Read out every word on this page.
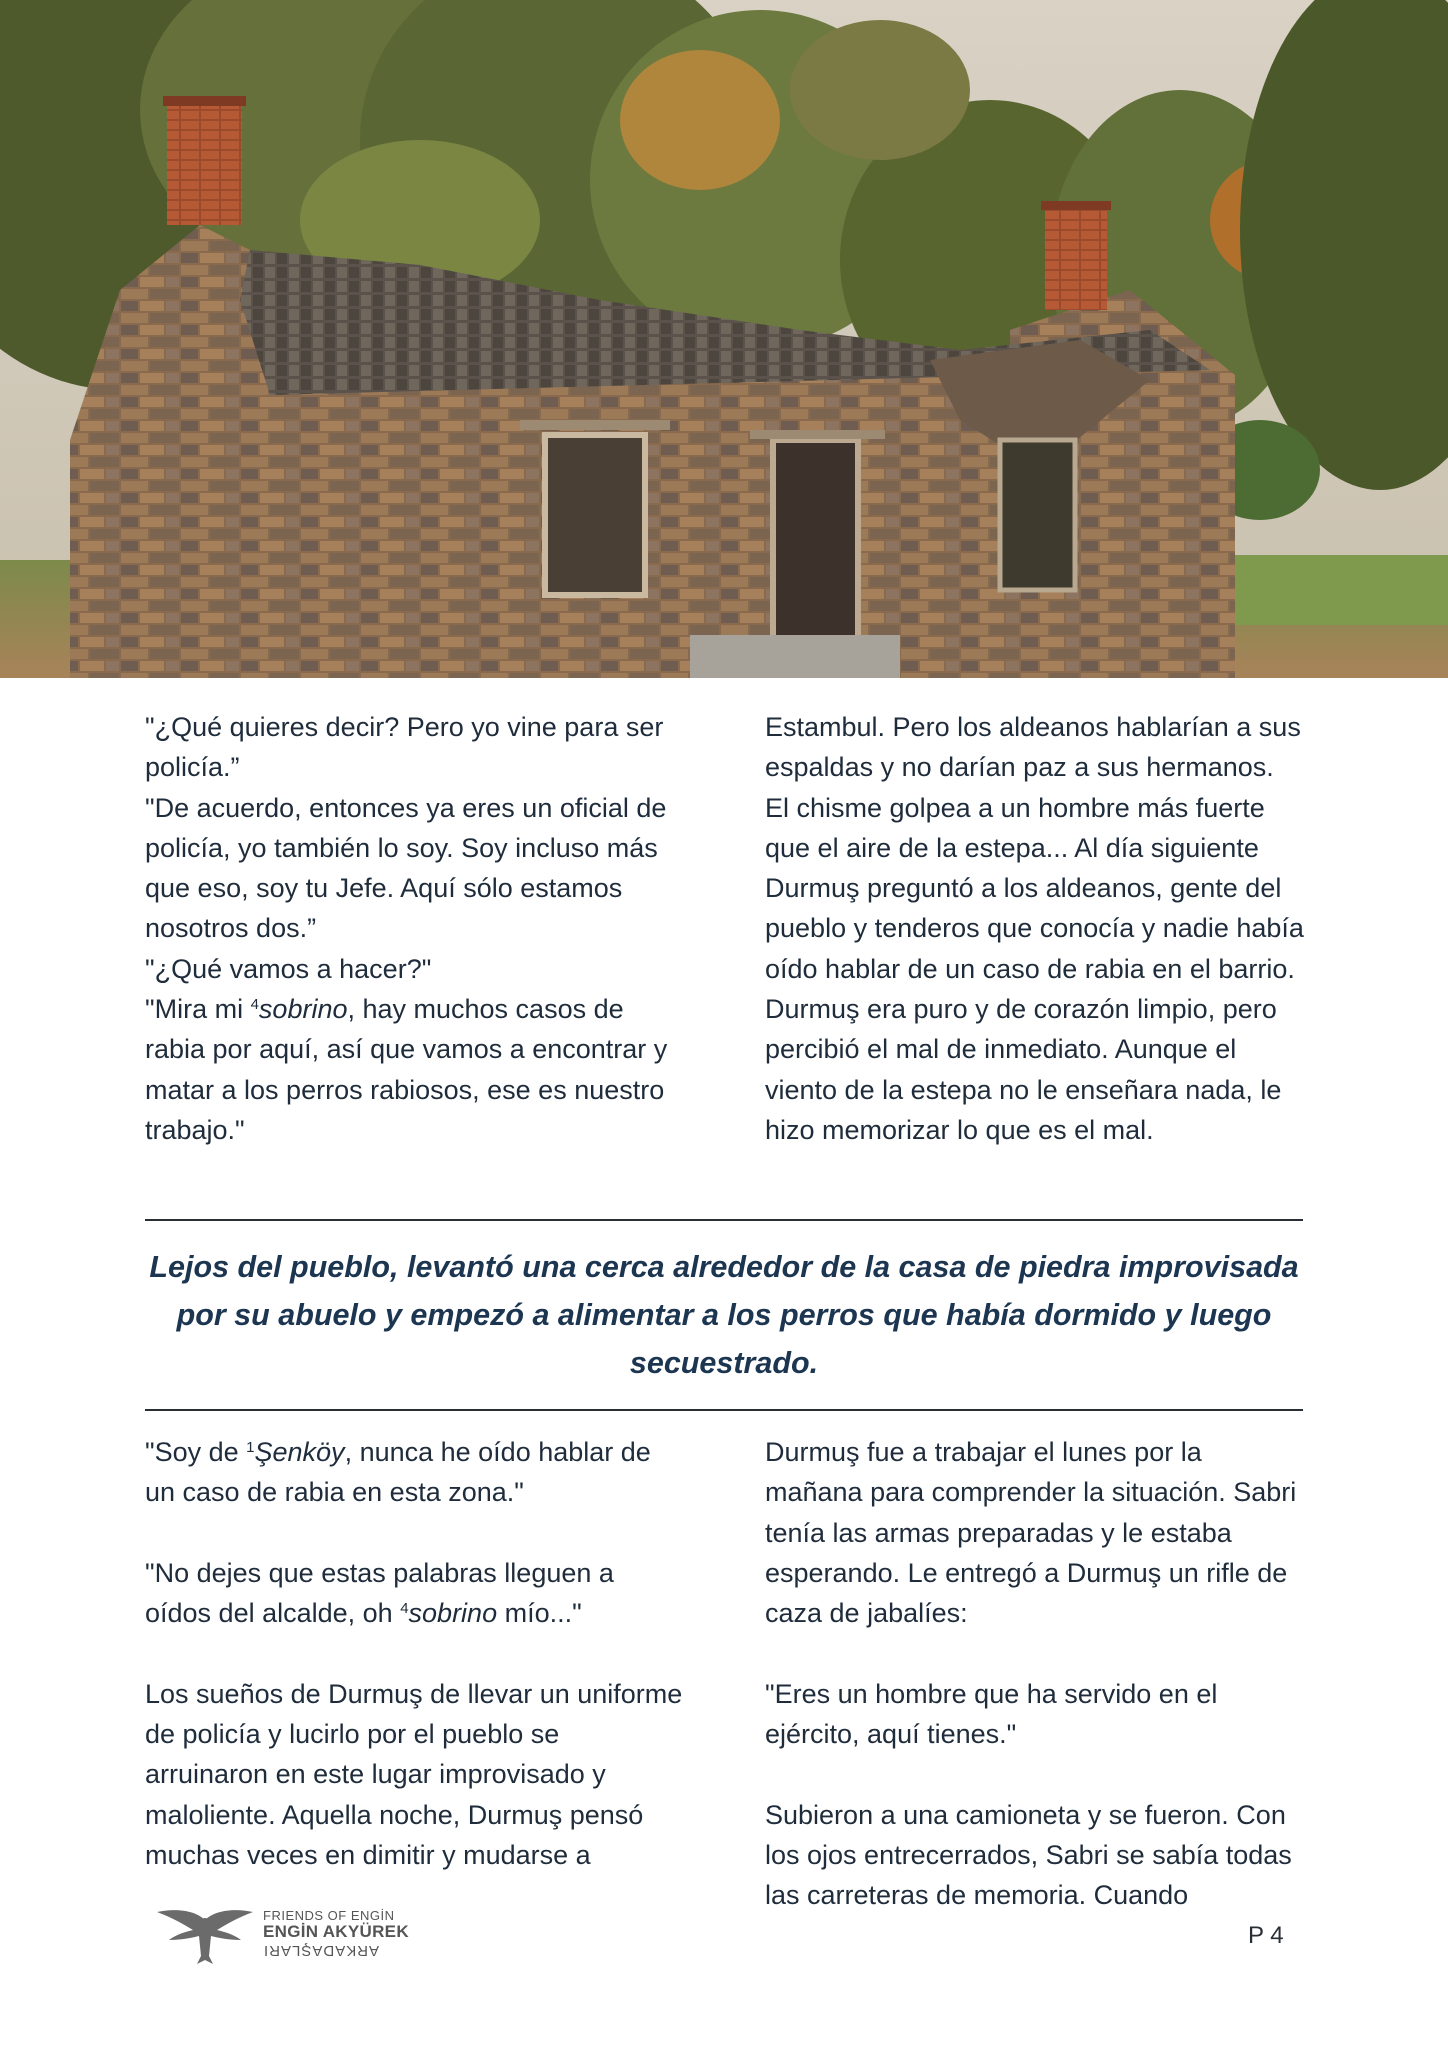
"¿Qué quieres decir? Pero yo vine para ser policía.”

"De acuerdo, entonces ya eres un oficial de policía, yo también lo soy. Soy incluso más que eso, soy tu Jefe. Aquí sólo estamos nosotros dos.”

"¿Qué vamos a hacer?"

"Mira mi $^4$sobrino, hay muchos casos de rabia por aquí, así que vamos a encontrar y matar a los perros rabiosos, ese es nuestro trabajo."

Estambul. Pero los aldeanos hablarían a sus espaldas y no darían paz a sus hermanos. El chisme golpea a un hombre más fuerte que el aire de la estepa... Al día siguiente Durmuş preguntó a los aldeanos, gente del pueblo y tenderos que conocía y nadie había oído hablar de un caso de rabia en el barrio. Durmuş era puro y de corazón limpio, pero percibió el mal de inmediato. Aunque el viento de la estepa no le enseñara nada, le hizo memorizar lo que es el mal.

Lejos del pueblo, levantó una cerca alrededor de la casa de piedra improvisada por su abuelo y empezó a alimentar a los perros que había dormido y luego secuestrado.

"Soy de $^1$Şenköy, nunca he oído hablar de un caso de rabia en esta zona."

"No dejes que estas palabras lleguen a oídos del alcalde, oh $^4$sobrino mío..."

Los sueños de Durmuş de llevar un uniforme de policía y lucirlo por el pueblo se arruinaron en este lugar improvisado y maloliente. Aquella noche, Durmuş pensó muchas veces en dimitir y mudarse a

Durmuş fue a trabajar el lunes por la mañana para comprender la situación. Sabri tenía las armas preparadas y le estaba esperando. Le entregó a Durmuş un rifle de caza de jabalíes:

"Eres un hombre que ha servido en el ejército, aquí tienes."

Subieron a una camioneta y se fueron. Con los ojos entrecerrados, Sabri se sabía todas las carreteras de memoria. Cuando

FRIENDS OF ENGİN
ENGİN AKYÜREK
ARKADAŞLARI
P 4
